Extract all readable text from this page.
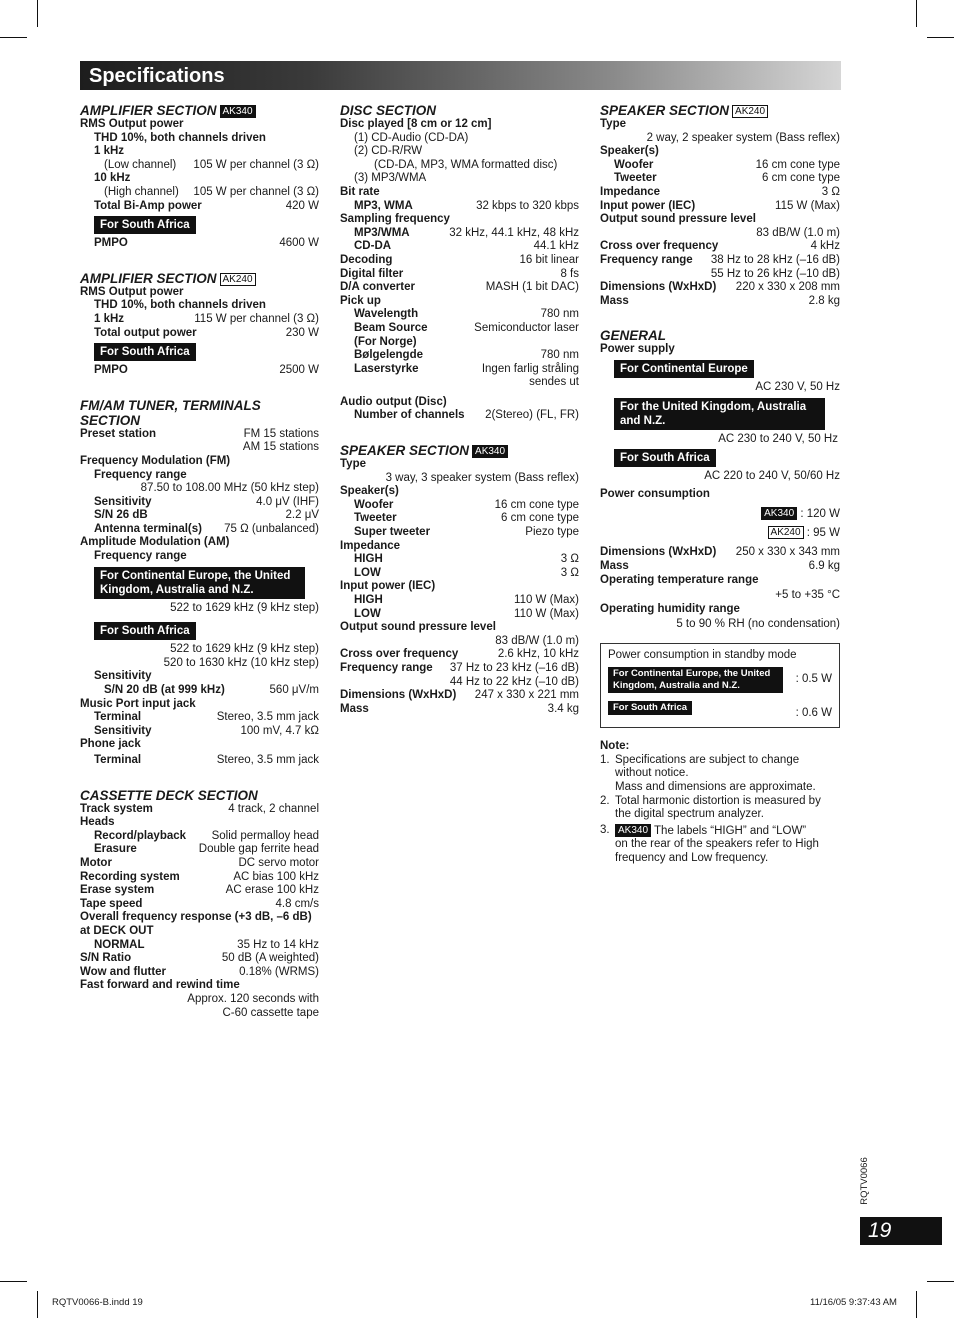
Specifications

AMPLIFIER SECTION AK340

RMS Output power
THD 10%, both channels driven
1 kHz
(Low channel) 105 W per channel (3 Ω)
10 kHz
(High channel) 105 W per channel (3 Ω)
Total Bi-Amp power	420 W
For South Africa
PMPO	4600 W

AMPLIFIER SECTION AK240

RMS Output power
THD 10%, both channels driven
1 kHz	115 W per channel (3 Ω)
Total output power	230 W
For South Africa
PMPO	2500 W

FM/AM TUNER, TERMINALS
SECTION

Preset station	FM 15 stations
AM 15 stations
Frequency Modulation (FM)
Frequency range
87.50 to 108.00 MHz (50 kHz step)
Sensitivity	4.0 μV (IHF)
S/N 26 dB	2.2 μV
Antenna terminal(s) 75 Ω (unbalanced)
Amplitude Modulation (AM)
Frequency range
For Continental Europe, the United Kingdom, Australia and N.Z.
522 to 1629 kHz (9 kHz step)
For South Africa
522 to 1629 kHz (9 kHz step)
520 to 1630 kHz (10 kHz step)
Sensitivity
S/N 20 dB (at 999 kHz)	560 μV/m
Music Port input jack
Terminal	Stereo, 3.5 mm jack
Sensitivity	100 mV, 4.7 kΩ
Phone jack
Terminal	Stereo, 3.5 mm jack

CASSETTE DECK SECTION

Track system	4 track, 2 channel
Heads
Record/playback Solid permalloy head
Erasure	Double gap ferrite head
Motor	DC servo motor
Recording system	AC bias 100 kHz
Erase system	AC erase 100 kHz
Tape speed	4.8 cm/s
Overall frequency response (+3 dB, –6 dB)
at DECK OUT
NORMAL	35 Hz to 14 kHz
S/N Ratio	50 dB (A weighted)
Wow and flutter	0.18% (WRMS)
Fast forward and rewind time
Approx. 120 seconds with
C-60 cassette tape

DISC SECTION

Disc played [8 cm or 12 cm]
(1) CD-Audio (CD-DA)
(2) CD-R/RW
(CD-DA, MP3, WMA formatted disc)
(3) MP3/WMA
Bit rate
MP3, WMA	32 kbps to 320 kbps
Sampling frequency
MP3/WMA	32 kHz, 44.1 kHz, 48 kHz
CD-DA	44.1 kHz
Decoding	16 bit linear
Digital filter	8 fs
D/A converter	MASH (1 bit DAC)
Pick up
Wavelength	780 nm
Beam Source	Semiconductor laser
(For Norge)
Bølgelengde	780 nm
Laserstyrke	Ingen farlig stråling
sendes ut
Audio output (Disc)
Number of channels 2(Stereo) (FL, FR)

SPEAKER SECTION AK340

Type
3 way, 3 speaker system (Bass reflex)
Speaker(s)
Woofer	16 cm cone type
Tweeter	6 cm cone type
Super tweeter	Piezo type
Impedance
HIGH	3 Ω
LOW	3 Ω
Input power (IEC)
HIGH	110 W (Max)
LOW	110 W (Max)
Output sound pressure level
83 dB/W (1.0 m)
Cross over frequency	2.6 kHz, 10 kHz
Frequency range 37 Hz to 23 kHz (–16 dB)
44 Hz to 22 kHz (–10 dB)
Dimensions (WxHxD) 247 x 330 x 221 mm
Mass	3.4 kg

SPEAKER SECTION AK240

Type
2 way, 2 speaker system (Bass reflex)
Speaker(s)
Woofer	16 cm cone type
Tweeter	6 cm cone type
Impedance	3 Ω
Input power (IEC)	115 W (Max)
Output sound pressure level
83 dB/W (1.0 m)
Cross over frequency	4 kHz
Frequency range 38 Hz to 28 kHz (–16 dB)
55 Hz to 26 kHz (–10 dB)
Dimensions (WxHxD) 220 x 330 x 208 mm
Mass	2.8 kg

GENERAL

Power supply
For Continental Europe
AC 230 V, 50 Hz
For the United Kingdom, Australia and N.Z.
AC 230 to 240 V, 50 Hz
For South Africa
AC 220 to 240 V, 50/60 Hz
Power consumption
AK340 : 120 W
AK240 : 95 W
Dimensions (WxHxD) 250 x 330 x 343 mm
Mass	6.9 kg
Operating temperature range
+5 to +35 °C
Operating humidity range
5 to 90 % RH (no condensation)
Power consumption in standby mode
For Continental Europe, the United Kingdom, Australia and N.Z.
: 0.5 W
For South Africa	: 0.6 W
Note:
1. Specifications are subject to change
without notice.
Mass and dimensions are approximate.
2. Total harmonic distortion is measured by
the digital spectrum analyzer.
3. AK340 The labels “HIGH” and “LOW”
on the rear of the speakers refer to High
frequency and Low frequency.
RQTV0066
19
RQTV0066-B.indd 19	11/16/05 9:37:43 AM
